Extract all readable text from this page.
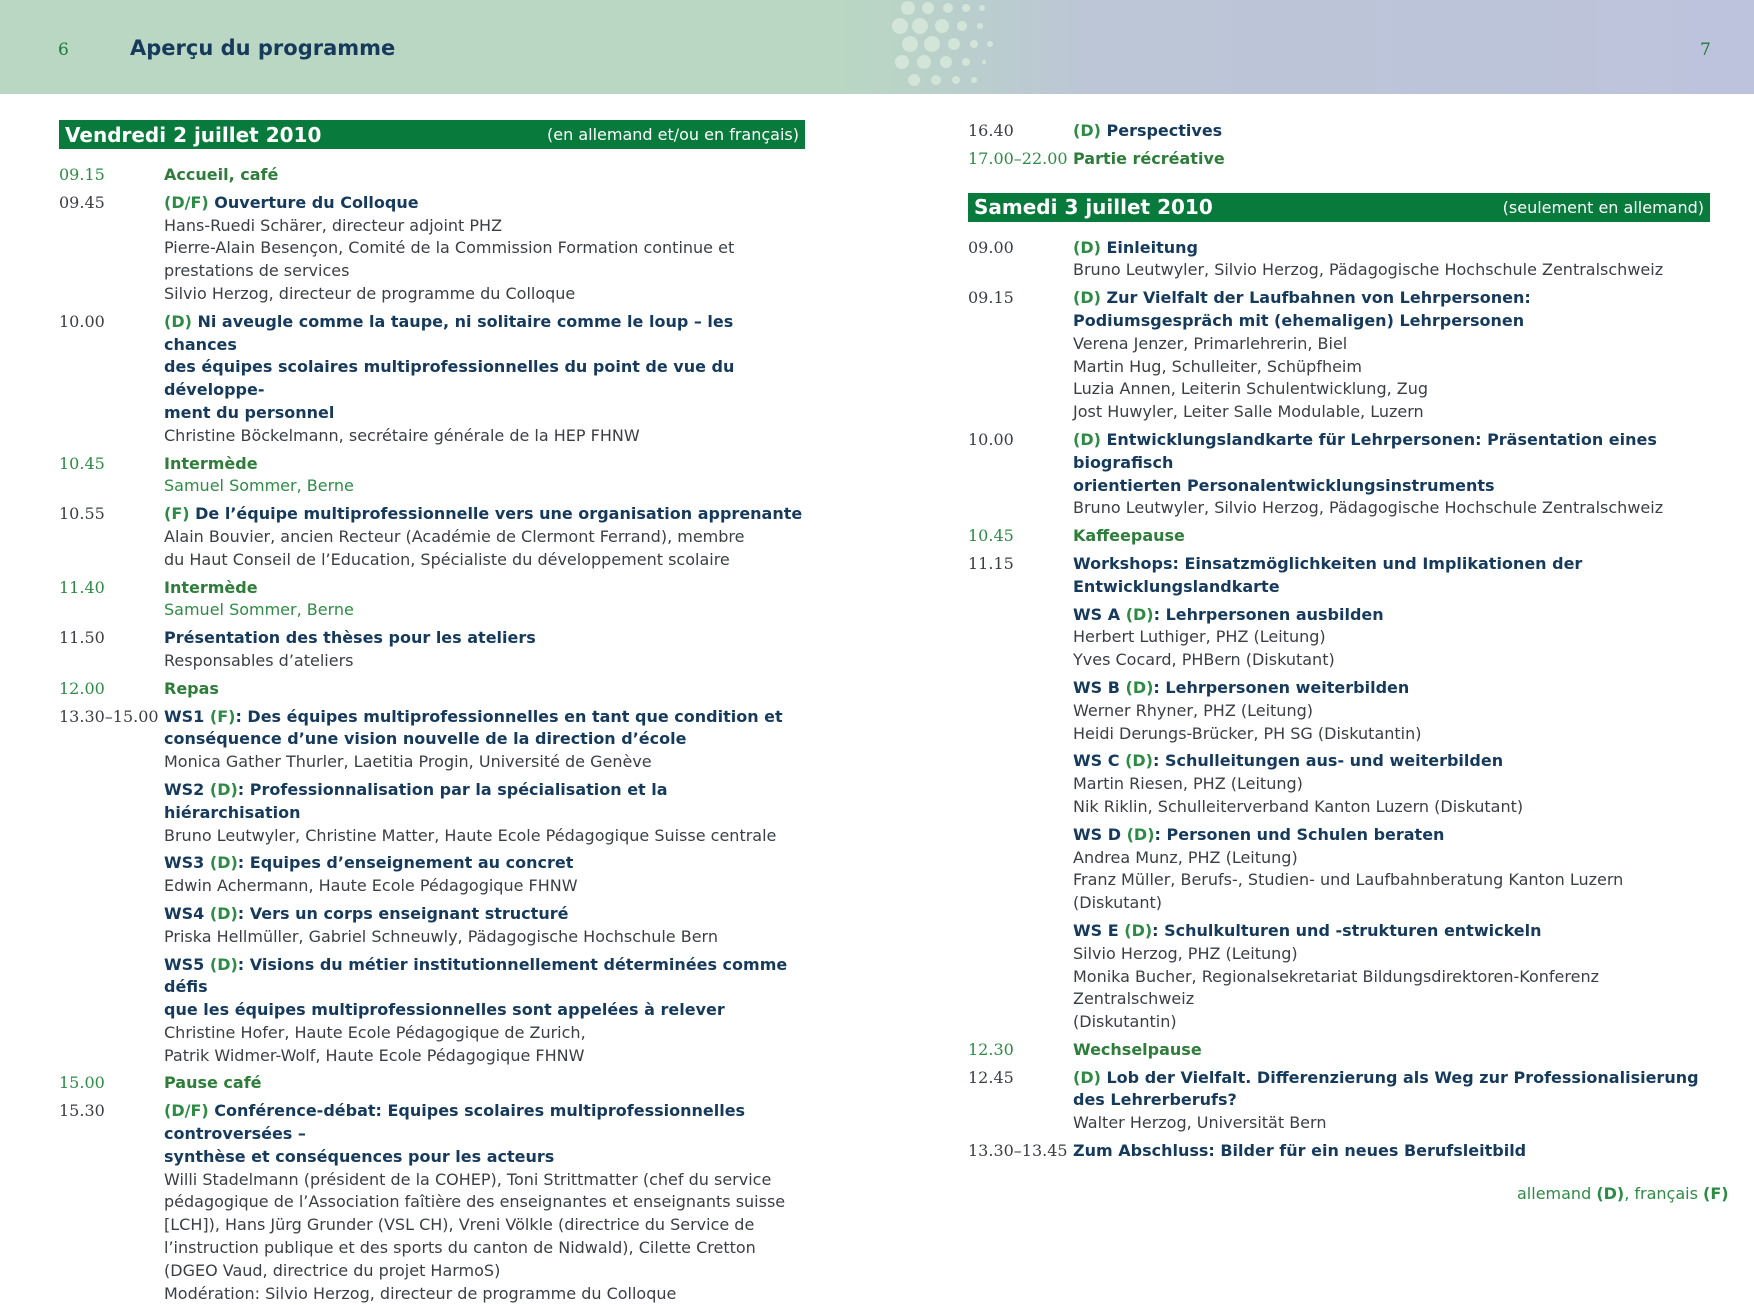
6	Aperçu du programme	7
Vendredi 2 juillet 2010	(en allemand et/ou en français)
09.15	Accueil, café
09.45	(D/F) Ouverture du Colloque
Hans-Ruedi Schärer, directeur adjoint PHZ
Pierre-Alain Besençon, Comité de la Commission Formation continue et
prestations de services
Silvio Herzog, directeur de programme du Colloque
10.00	(D) Ni aveugle comme la taupe, ni solitaire comme le loup – les chances
des équipes scolaires multiprofessionnelles du point de vue du développe-
ment du personnel
Christine Böckelmann, secrétaire générale de la HEP FHNW
10.45	Intermède
Samuel Sommer, Berne
10.55	(F) De l’équipe multiprofessionnelle vers une organisation apprenante
Alain Bouvier, ancien Recteur (Académie de Clermont Ferrand), membre
du Haut Conseil de l’Education, Spécialiste du développement scolaire
11.40	Intermède
Samuel Sommer, Berne
11.50	Présentation des thèses pour les ateliers
Responsables d’ateliers
12.00	Repas
13.30–15.00 WS1 (F): Des équipes multiprofessionnelles en tant que condition et
conséquence d’une vision nouvelle de la direction d’école
Monica Gather Thurler, Laetitia Progin, Université de Genève
WS2 (D): Professionnalisation par la spécialisation et la hiérarchisation
Bruno Leutwyler, Christine Matter, Haute Ecole Pédagogique Suisse centrale
WS3 (D): Equipes d’enseignement au concret
Edwin Achermann, Haute Ecole Pédagogique FHNW
WS4 (D): Vers un corps enseignant structuré
Priska Hellmüller, Gabriel Schneuwly, Pädagogische Hochschule Bern
WS5 (D): Visions du métier institutionnellement déterminées comme défis
que les équipes multiprofessionnelles sont appelées à relever
Christine Hofer, Haute Ecole Pédagogique de Zurich,
Patrik Widmer-Wolf, Haute Ecole Pédagogique FHNW
15.00	Pause café
15.30	(D/F) Conférence-débat: Equipes scolaires multiprofessionnelles controversées –
synthèse et conséquences pour les acteurs
Willi Stadelmann (président de la COHEP), Toni Strittmatter (chef du service
pédagogique de l’Association faîtière des enseignantes et enseignants suisse
[LCH]), Hans Jürg Grunder (VSL CH), Vreni Völkle (directrice du Service de
l’instruction publique et des sports du canton de Nidwald), Cilette Cretton
(DGEO Vaud, directrice du projet HarmoS)
Modération: Silvio Herzog, directeur de programme du Colloque
16.40	(D) Perspectives
17.00–22.00 Partie récréative
Samedi 3 juillet 2010	(seulement en allemand)
09.00	(D) Einleitung
Bruno Leutwyler, Silvio Herzog, Pädagogische Hochschule Zentralschweiz
09.15	(D) Zur Vielfalt der Laufbahnen von Lehrpersonen:
Podiumsgespräch mit (ehemaligen) Lehrpersonen
Verena Jenzer, Primarlehrerin, Biel
Martin Hug, Schulleiter, Schüpfheim
Luzia Annen, Leiterin Schulentwicklung, Zug
Jost Huwyler, Leiter Salle Modulable, Luzern
10.00	(D) Entwicklungslandkarte für Lehrpersonen: Präsentation eines biografisch
orientierten Personalentwicklungsinstruments
Bruno Leutwyler, Silvio Herzog, Pädagogische Hochschule Zentralschweiz
10.45	Kaffeepause
11.15	Workshops: Einsatzmöglichkeiten und Implikationen der Entwicklungslandkarte
WS A (D): Lehrpersonen ausbilden
Herbert Luthiger, PHZ (Leitung)
Yves Cocard, PHBern (Diskutant)
WS B (D): Lehrpersonen weiterbilden
Werner Rhyner, PHZ (Leitung)
Heidi Derungs-Brücker, PH SG (Diskutantin)
WS C (D): Schulleitungen aus- und weiterbilden
Martin Riesen, PHZ (Leitung)
Nik Riklin, Schulleiterverband Kanton Luzern (Diskutant)
WS D (D): Personen und Schulen beraten
Andrea Munz, PHZ (Leitung)
Franz Müller, Berufs-, Studien- und Laufbahnberatung Kanton Luzern (Diskutant)
WS E (D): Schulkulturen und -strukturen entwickeln
Silvio Herzog, PHZ (Leitung)
Monika Bucher, Regionalsekretariat Bildungsdirektoren-Konferenz Zentralschweiz
(Diskutantin)
12.30	Wechselpause
12.45	(D) Lob der Vielfalt. Differenzierung als Weg zur Professionalisierung
des Lehrerberufs?
Walter Herzog, Universität Bern
13.30–13.45 Zum Abschluss: Bilder für ein neues Berufsleitbild
allemand (D), français (F)
